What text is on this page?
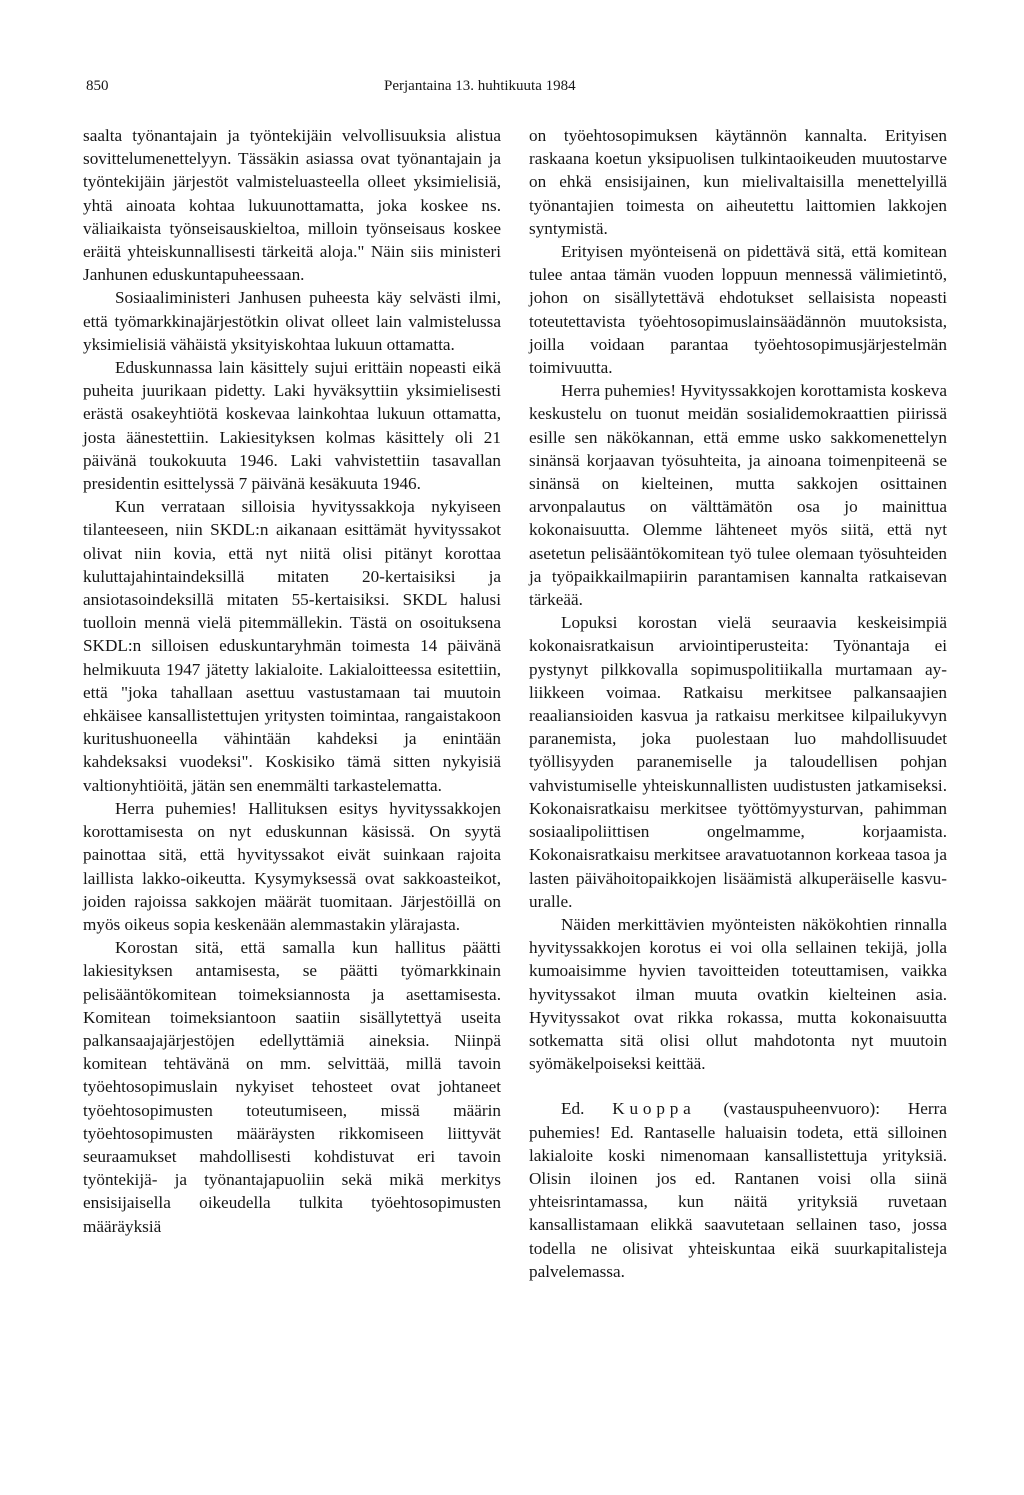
850	Perjantaina 13. huhtikuuta 1984

saalta työnantajain ja työntekijäin velvollisuuksia alistua sovittelumenettelyyn. Tässäkin asiassa ovat työnantajain ja työntekijäin järjestöt valmisteluasteella olleet yksimielisiä, yhtä ainoata kohtaa lukuunottamatta, joka koskee ns. väliaikaista työnseisauskieltoa, milloin työnseisaus koskee eräitä yhteiskunnallisesti tärkeitä aloja." Näin siis ministeri Janhunen eduskuntapuheessaan.

Sosiaaliministeri Janhusen puheesta käy selvästi ilmi, että työmarkkinajärjestötkin olivat olleet lain valmistelussa yksimielisiä vähäistä yksityiskohtaa lukuun ottamatta.

Eduskunnassa lain käsittely sujui erittäin nopeasti eikä puheita juurikaan pidetty. Laki hyväksyttiin yksimielisesti erästä osakeyhtiötä koskevaa lainkohtaa lukuun ottamatta, josta äänestettiin. Lakiesityksen kolmas käsittely oli 21 päivänä toukokuuta 1946. Laki vahvistettiin tasavallan presidentin esittelyssä 7 päivänä kesäkuuta 1946.

Kun verrataan silloisia hyvityssakkoja nykyiseen tilanteeseen, niin SKDL:n aikanaan esittämät hyvityssakot olivat niin kovia, että nyt niitä olisi pitänyt korottaa kuluttajahintaindeksillä mitaten 20-kertaisiksi ja ansiotasoindeksillä mitaten 55-kertaisiksi. SKDL halusi tuolloin mennä vielä pitemmällekin. Tästä on osoituksena SKDL:n silloisen eduskuntaryhmän toimesta 14 päivänä helmikuuta 1947 jätetty lakialoite. Lakialoitteessa esitettiin, että "joka tahallaan asettuu vastustamaan tai muutoin ehkäisee kansallistettujen yritysten toimintaa, rangaistakoon kuritushuoneella vähintään kahdeksi ja enintään kahdeksaksi vuodeksi". Koskisiko tämä sitten nykyisiä valtionyhtiöitä, jätän sen enemmälti tarkastelematta.

Herra puhemies! Hallituksen esitys hyvityssakkojen korottamisesta on nyt eduskunnan käsissä. On syytä painottaa sitä, että hyvityssakot eivät suinkaan rajoita laillista lakko-oikeutta. Kysymyksessä ovat sakkoasteikot, joiden rajoissa sakkojen määrät tuomitaan. Järjestöillä on myös oikeus sopia keskenään alemmastakin ylärajasta.

Korostan sitä, että samalla kun hallitus päätti lakiesityksen antamisesta, se päätti työmarkkinain pelisääntökomitean toimeksiannosta ja asettamisesta. Komitean toimeksiantoon saatiin sisällytettyä useita palkansaajajärjestöjen edellyttämiä aineksia. Niinpä komitean tehtävänä on mm. selvittää, millä tavoin työehtosopimuslain nykyiset tehosteet ovat johtaneet työehtosopimusten toteutumiseen, missä määrin työehtosopimusten määräysten rikkomiseen liittyvät seuraamukset mahdollisesti kohdistuvat eri tavoin työntekijä- ja työnantajapuoliin sekä mikä merkitys ensisijaisella oikeudella tulkita työehtosopimusten määräyksiä

on työehtosopimuksen käytännön kannalta. Erityisen raskaana koetun yksipuolisen tulkintaoikeuden muutostarve on ehkä ensisijainen, kun mielivaltaisilla menettelyillä työnantajien toimesta on aiheutettu laittomien lakkojen syntymistä.

Erityisen myönteisenä on pidettävä sitä, että komitean tulee antaa tämän vuoden loppuun mennessä välimietintö, johon on sisällytettävä ehdotukset sellaisista nopeasti toteutettavista työehtosopimuslainsäädännön muutoksista, joilla voidaan parantaa työehtosopimusjärjestelmän toimivuutta.

Herra puhemies! Hyvityssakkojen korottamista koskeva keskustelu on tuonut meidän sosialidemokraattien piirissä esille sen näkökannan, että emme usko sakkomenettelyn sinänsä korjaavan työsuhteita, ja ainoana toimenpiteenä se sinänsä on kielteinen, mutta sakkojen osittainen arvonpalautus on välttämätön osa jo mainittua kokonaisuutta. Olemme lähteneet myös siitä, että nyt asetetun pelisääntökomitean työ tulee olemaan työsuhteiden ja työpaikkailmapiirin parantamisen kannalta ratkaisevan tärkeää.

Lopuksi korostan vielä seuraavia keskeisimpiä kokonaisratkaisun arviointiperusteita: Työnantaja ei pystynyt pilkkovalla sopimuspolitiikalla murtamaan ay-liikkeen voimaa. Ratkaisu merkitsee palkansaajien reaaliansioiden kasvua ja ratkaisu merkitsee kilpailukyvyn paranemista, joka puolestaan luo mahdollisuudet työllisyyden paranemiselle ja taloudellisen pohjan vahvistumiselle yhteiskunnallisten uudistusten jatkamiseksi. Kokonaisratkaisu merkitsee työttömyysturvan, pahimman sosiaalipoliittisen ongelmamme, korjaamista. Kokonaisratkaisu merkitsee aravatuotannon korkeaa tasoa ja lasten päivähoitopaikkojen lisäämistä alkuperäiselle kasvu-uralle.

Näiden merkittävien myönteisten näkökohtien rinnalla hyvityssakkojen korotus ei voi olla sellainen tekijä, jolla kumoaisimme hyvien tavoitteiden toteuttamisen, vaikka hyvityssakot ilman muuta ovatkin kielteinen asia. Hyvityssakot ovat rikka rokassa, mutta kokonaisuutta sotkematta sitä olisi ollut mahdotonta nyt muutoin syömäkelpoiseksi keittää.

Ed. Kuoppa (vastauspuheenvuoro): Herra puhemies! Ed. Rantaselle haluaisin todeta, että silloinen lakialoite koski nimenomaan kansallistettuja yrityksiä. Olisin iloinen jos ed. Rantanen voisi olla siinä yhteisrintamassa, kun näitä yrityksiä ruvetaan kansallistamaan elikkä saavutetaan sellainen taso, jossa todella ne olisivat yhteiskuntaa eikä suurkapitalisteja palvelemassa.
